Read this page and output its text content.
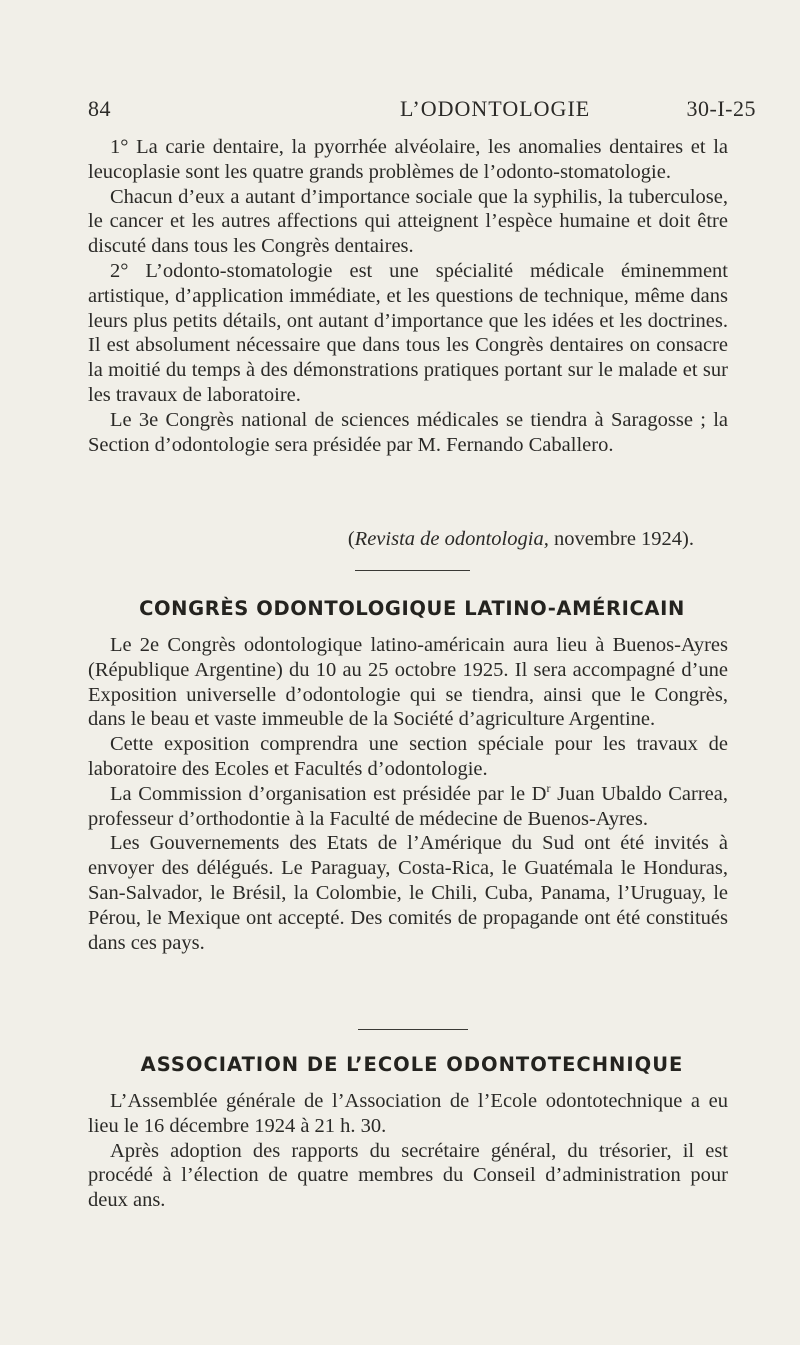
84	L’ODONTOLOGIE	30-I-25

1° La carie dentaire, la pyorrhée alvéolaire, les anomalies dentaires et la leucoplasie sont les quatre grands problèmes de l’odonto-stomatologie.

Chacun d’eux a autant d’importance sociale que la syphilis, la tuberculose, le cancer et les autres affections qui atteignent l’espèce humaine et doit être discuté dans tous les Congrès dentaires.

2° L’odonto-stomatologie est une spécialité médicale éminemment artistique, d’application immédiate, et les questions de technique, même dans leurs plus petits détails, ont autant d’importance que les idées et les doctrines. Il est absolument nécessaire que dans tous les Congrès dentaires on consacre la moitié du temps à des démonstrations pratiques portant sur le malade et sur les travaux de laboratoire.

Le 3e Congrès national de sciences médicales se tiendra à Saragosse ; la Section d’odontologie sera présidée par M. Fernando Caballero.

(Revista de odontologia, novembre 1924).
CONGRÈS ODONTOLOGIQUE LATINO-AMÉRICAIN

Le 2e Congrès odontologique latino-américain aura lieu à Buenos-Ayres (République Argentine) du 10 au 25 octobre 1925. Il sera accompagné d’une Exposition universelle d’odontologie qui se tiendra, ainsi que le Congrès, dans le beau et vaste immeuble de la Société d’agriculture Argentine.

Cette exposition comprendra une section spéciale pour les travaux de laboratoire des Ecoles et Facultés d’odontologie.

La Commission d’organisation est présidée par le $D^r$ Juan Ubaldo Carrea, professeur d’orthodontie à la Faculté de médecine de Buenos-Ayres.

Les Gouvernements des Etats de l’Amérique du Sud ont été invités à envoyer des délégués. Le Paraguay, Costa-Rica, le Guatémala le Honduras, San-Salvador, le Brésil, la Colombie, le Chili, Cuba, Panama, l’Uruguay, le Pérou, le Mexique ont accepté. Des comités de propagande ont été constitués dans ces pays.

ASSOCIATION DE L’ECOLE ODONTOTECHNIQUE

L’Assemblée générale de l’Association de l’Ecole odontotechnique a eu lieu le 16 décembre 1924 à 21 h. 30.

Après adoption des rapports du secrétaire général, du trésorier, il est procédé à l’élection de quatre membres du Conseil d’administration pour deux ans.
